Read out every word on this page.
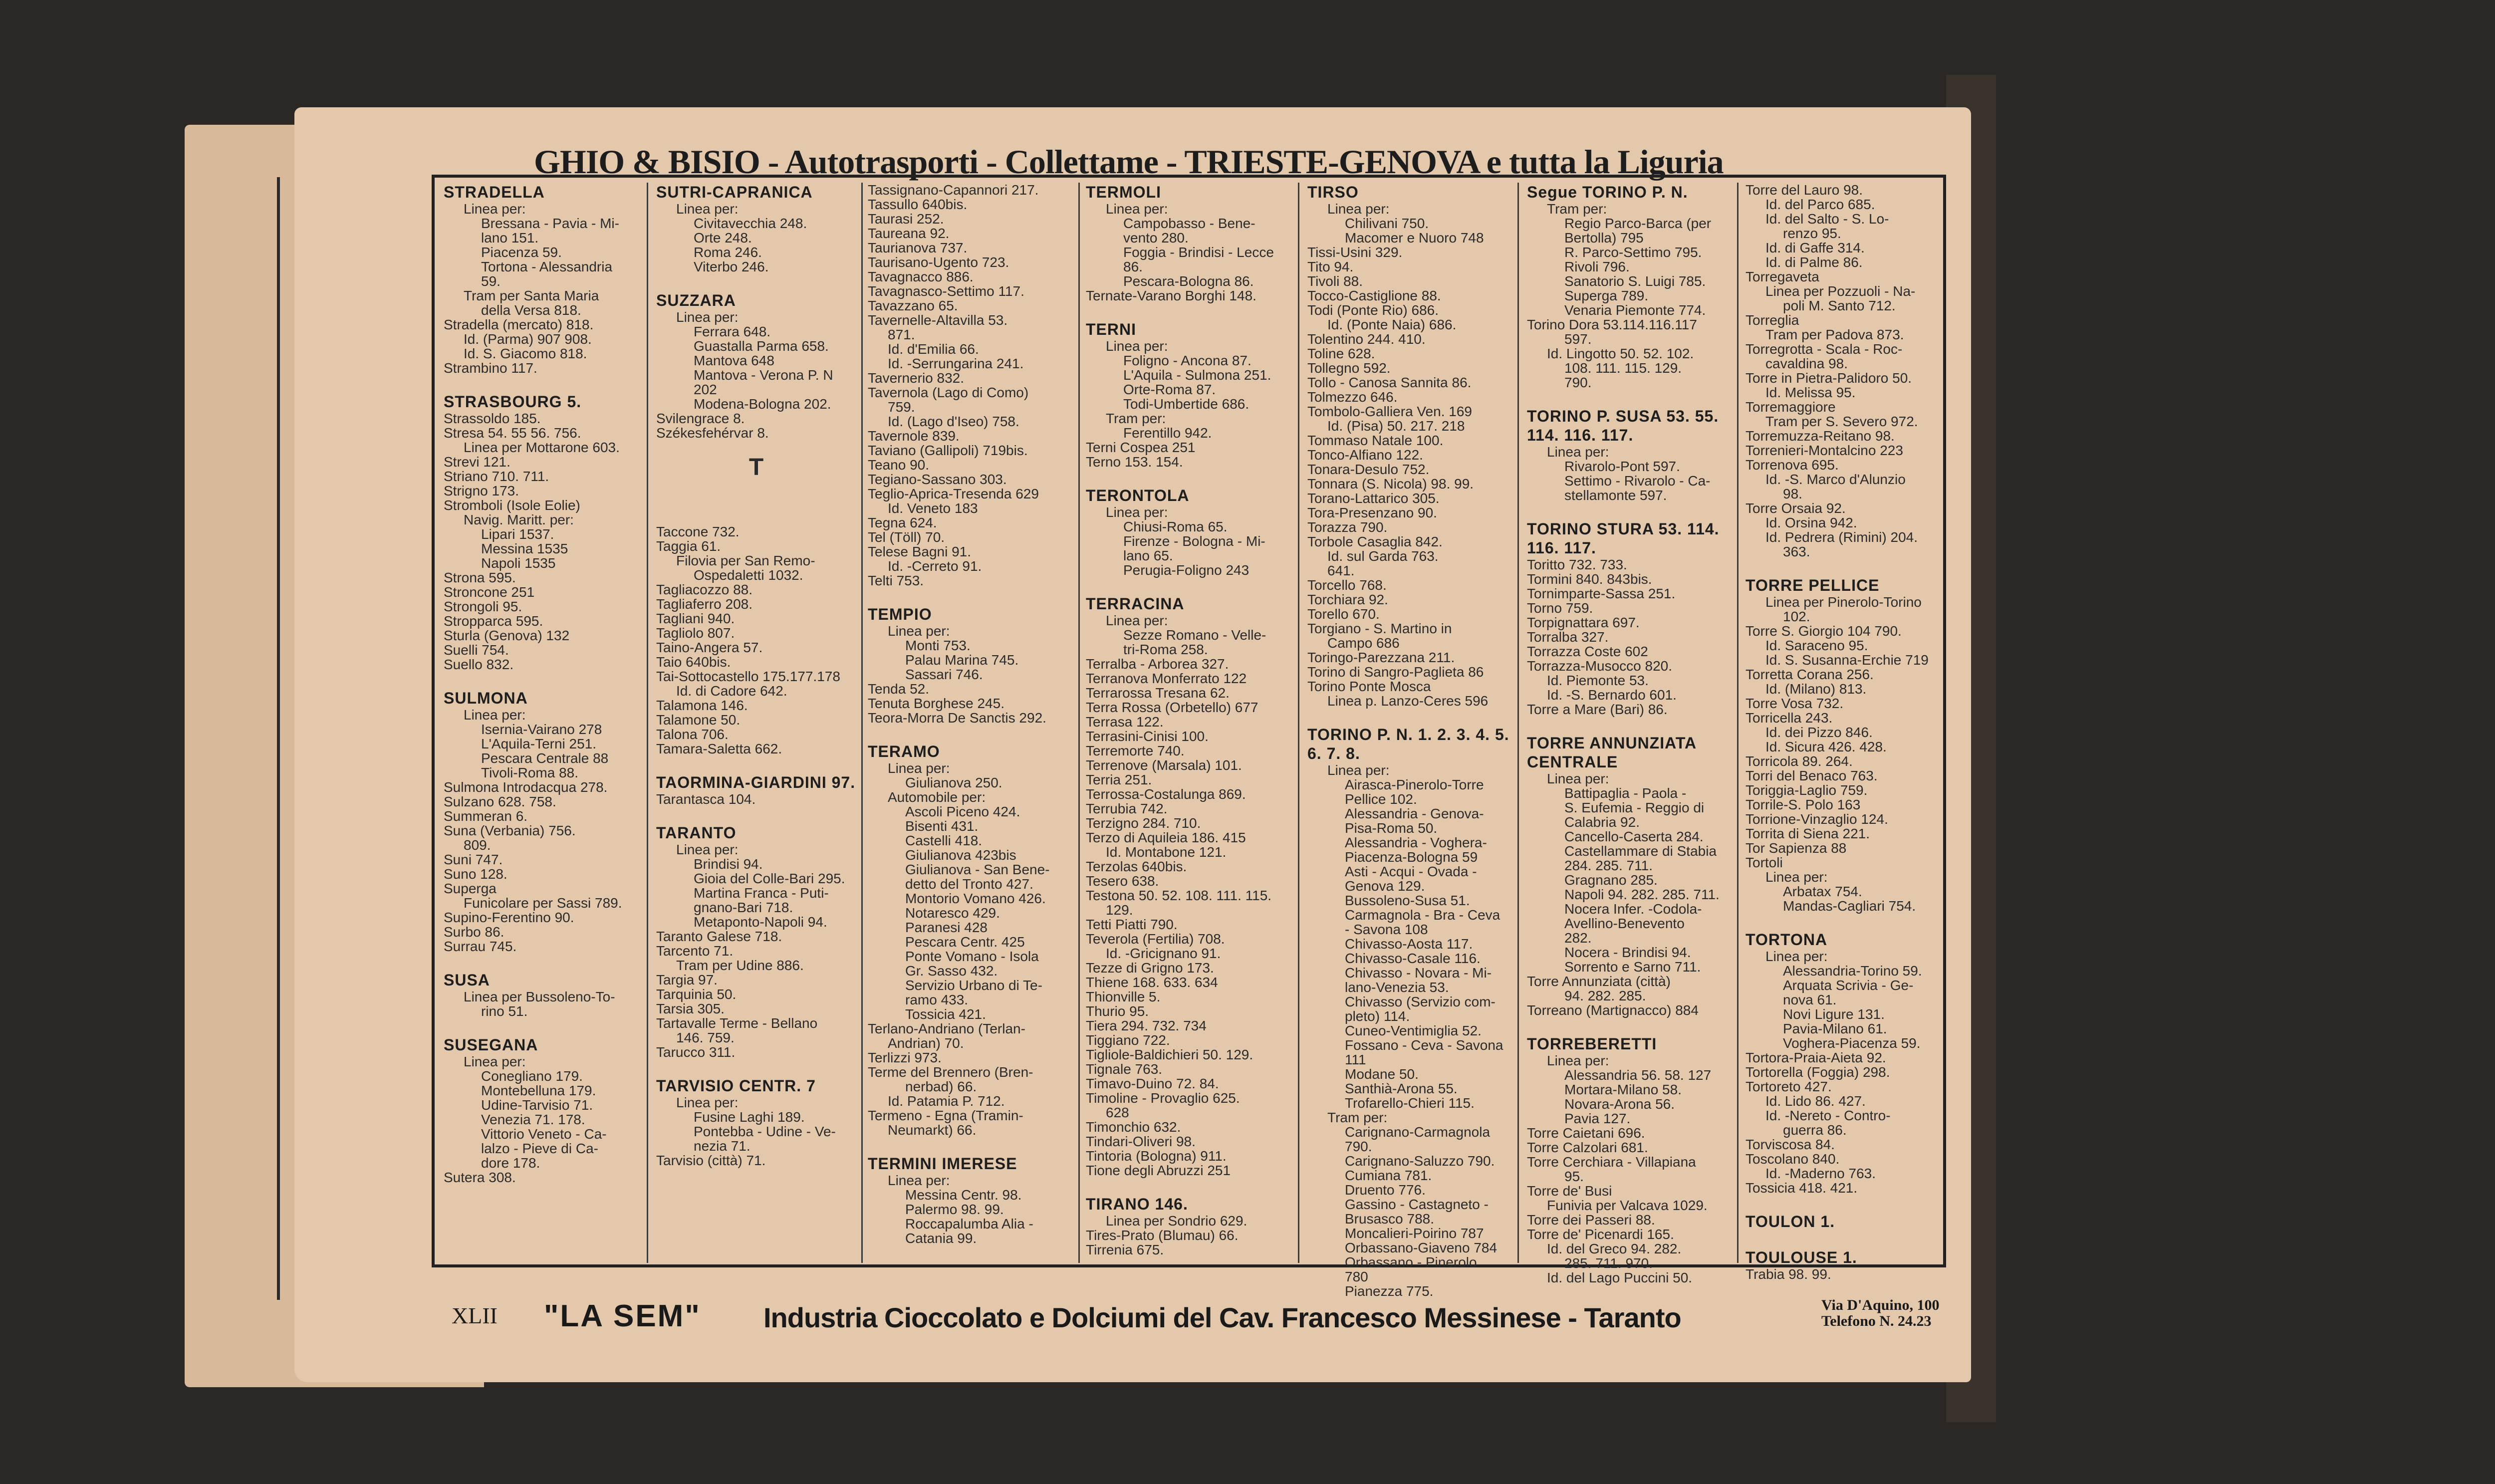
GHIO & BISIO - Autotrasporti - Collettame - TRIESTE-GENOVA e tutta la Liguria
STRADELLA
Linea per:
Bressana - Pavia - Mi-
lano 151.
Piacenza 59.
Tortona - Alessandria
59.
Tram per Santa Maria
della Versa 818.
Stradella (mercato) 818.
Id. (Parma) 907 908.
Id. S. Giacomo 818.
Strambino 117.
STRASBOURG 5.
Strassoldo 185.
Stresa 54. 55 56. 756.
Linea per Mottarone 603.
Strevi 121.
Striano 710. 711.
Strigno 173.
Stromboli (Isole Eolie)
Navig. Maritt. per:
Lipari 1537.
Messina 1535
Napoli 1535
Strona 595.
Stroncone 251
Strongoli 95.
Stropparca 595.
Sturla (Genova) 132
Suelli 754.
Suello 832.
SULMONA
Linea per:
Isernia-Vairano 278
L'Aquila-Terni 251.
Pescara Centrale 88
Tivoli-Roma 88.
Sulmona Introdacqua 278.
Sulzano 628. 758.
Summeran 6.
Suna (Verbania) 756.
809.
Suni 747.
Suno 128.
Superga
Funicolare per Sassi 789.
Supino-Ferentino 90.
Surbo 86.
Surrau 745.
SUSA
Linea per Bussoleno-To-
rino 51.
SUSEGANA
Linea per:
Conegliano 179.
Montebelluna 179.
Udine-Tarvisio 71.
Venezia 71. 178.
Vittorio Veneto - Ca-
lalzo - Pieve di Ca-
dore 178.
Sutera 308.
SUTRI-CAPRANICA
Linea per:
Civitavecchia 248.
Orte 248.
Roma 246.
Viterbo 246.
SUZZARA
Linea per:
Ferrara 648.
Guastalla Parma 658.
Mantova 648
Mantova - Verona P. N
202
Modena-Bologna 202.
Svilengrace 8.
Székesfehérvar 8.
T
Taccone 732.
Taggia 61.
Filovia per San Remo-
Ospedaletti 1032.
Tagliacozzo 88.
Tagliaferro 208.
Tagliani 940.
Tagliolo 807.
Taino-Angera 57.
Taio 640bis.
Tai-Sottocastello 175.177.178
Id. di Cadore 642.
Talamona 146.
Talamone 50.
Talona 706.
Tamara-Saletta 662.
TAORMINA-GIARDINI 97.
Tarantasca 104.
TARANTO
Linea per:
Brindisi 94.
Gioia del Colle-Bari 295.
Martina Franca - Puti-
gnano-Bari 718.
Metaponto-Napoli 94.
Taranto Galese 718.
Tarcento 71.
Tram per Udine 886.
Targia 97.
Tarquinia 50.
Tarsia 305.
Tartavalle Terme - Bellano
146. 759.
Tarucco 311.
TARVISIO CENTR. 7
Linea per:
Fusine Laghi 189.
Pontebba - Udine - Ve-
nezia 71.
Tarvisio (città) 71.
Tassignano-Capannori 217.
Tassullo 640bis.
Taurasi 252.
Taureana 92.
Taurianova 737.
Taurisano-Ugento 723.
Tavagnacco 886.
Tavagnasco-Settimo 117.
Tavazzano 65.
Tavernelle-Altavilla 53.
871.
Id. d'Emilia 66.
Id. -Serrungarina 241.
Tavernerio 832.
Tavernola (Lago di Como)
759.
Id. (Lago d'Iseo) 758.
Tavernole 839.
Taviano (Gallipoli) 719bis.
Teano 90.
Tegiano-Sassano 303.
Teglio-Aprica-Tresenda 629
Id. Veneto 183
Tegna 624.
Tel (Töll) 70.
Telese Bagni 91.
Id. -Cerreto 91.
Telti 753.
TEMPIO
Linea per:
Monti 753.
Palau Marina 745.
Sassari 746.
Tenda 52.
Tenuta Borghese 245.
Teora-Morra De Sanctis 292.
TERAMO
Linea per:
Giulianova 250.
Automobile per:
Ascoli Piceno 424.
Bisenti 431.
Castelli 418.
Giulianova 423bis
Giulianova - San Bene-
detto del Tronto 427.
Montorio Vomano 426.
Notaresco 429.
Paranesi 428
Pescara Centr. 425
Ponte Vomano - Isola
Gr. Sasso 432.
Servizio Urbano di Te-
ramo 433.
Tossicia 421.
Terlano-Andriano (Terlan-
Andrian) 70.
Terlizzi 973.
Terme del Brennero (Bren-
nerbad) 66.
Id. Patamia P. 712.
Termeno - Egna (Tramin-
Neumarkt) 66.
TERMINI IMERESE
Linea per:
Messina Centr. 98.
Palermo 98. 99.
Roccapalumba Alia -
Catania 99.
TERMOLI
Linea per:
Campobasso - Bene-
vento 280.
Foggia - Brindisi - Lecce
86.
Pescara-Bologna 86.
Ternate-Varano Borghi 148.
TERNI
Linea per:
Foligno - Ancona 87.
L'Aquila - Sulmona 251.
Orte-Roma 87.
Todi-Umbertide 686.
Tram per:
Ferentillo 942.
Terni Cospea 251
Terno 153. 154.
TERONTOLA
Linea per:
Chiusi-Roma 65.
Firenze - Bologna - Mi-
lano 65.
Perugia-Foligno 243
TERRACINA
Linea per:
Sezze Romano - Velle-
tri-Roma 258.
Terralba - Arborea 327.
Terranova Monferrato 122
Terrarossa Tresana 62.
Terra Rossa (Orbetello) 677
Terrasa 122.
Terrasini-Cinisi 100.
Terremorte 740.
Terrenove (Marsala) 101.
Terria 251.
Terrossa-Costalunga 869.
Terrubia 742.
Terzigno 284. 710.
Terzo di Aquileia 186. 415
Id. Montabone 121.
Terzolas 640bis.
Tesero 638.
Testona 50. 52. 108. 111. 115.
129.
Tetti Piatti 790.
Teverola (Fertilia) 708.
Id. -Gricignano 91.
Tezze di Grigno 173.
Thiene 168. 633. 634
Thionville 5.
Thurio 95.
Tiera 294. 732. 734
Tiggiano 722.
Tigliole-Baldichieri 50. 129.
Tignale 763.
Timavo-Duino 72. 84.
Timoline - Provaglio 625.
628
Timonchio 632.
Tindari-Oliveri 98.
Tintoria (Bologna) 911.
Tione degli Abruzzi 251
TIRANO 146.
Linea per Sondrio 629.
Tires-Prato (Blumau) 66.
Tirrenia 675.
TIRSO
Linea per:
Chilivani 750.
Macomer e Nuoro 748
Tissi-Usini 329.
Tito 94.
Tivoli 88.
Tocco-Castiglione 88.
Todi (Ponte Rio) 686.
Id. (Ponte Naia) 686.
Tolentino 244. 410.
Toline 628.
Tollegno 592.
Tollo - Canosa Sannita 86.
Tolmezzo 646.
Tombolo-Galliera Ven. 169
Id. (Pisa) 50. 217. 218
Tommaso Natale 100.
Tonco-Alfiano 122.
Tonara-Desulo 752.
Tonnara (S. Nicola) 98. 99.
Torano-Lattarico 305.
Tora-Presenzano 90.
Torazza 790.
Torbole Casaglia 842.
Id. sul Garda 763.
641.
Torcello 768.
Torchiara 92.
Torello 670.
Torgiano - S. Martino in
Campo 686
Toringo-Parezzana 211.
Torino di Sangro-Paglieta 86
Torino Ponte Mosca
Linea p. Lanzo-Ceres 596
TORINO P. N. 1. 2. 3. 4. 5. 6. 7. 8.
Linea per:
Airasca-Pinerolo-Torre
Pellice 102.
Alessandria - Genova-
Pisa-Roma 50.
Alessandria - Voghera-
Piacenza-Bologna 59
Asti - Acqui - Ovada -
Genova 129.
Bussoleno-Susa 51.
Carmagnola - Bra - Ceva
- Savona 108
Chivasso-Aosta 117.
Chivasso-Casale 116.
Chivasso - Novara - Mi-
lano-Venezia 53.
Chivasso (Servizio com-
pleto) 114.
Cuneo-Ventimiglia 52.
Fossano - Ceva - Savona
111
Modane 50.
Santhià-Arona 55.
Trofarello-Chieri 115.
Tram per:
Carignano-Carmagnola
790.
Carignano-Saluzzo 790.
Cumiana 781.
Druento 776.
Gassino - Castagneto -
Brusasco 788.
Moncalieri-Poirino 787
Orbassano-Giaveno 784
Orbassano - Pinerolo
780
Pianezza 775.
Segue TORINO P. N.
Tram per:
Regio Parco-Barca (per
Bertolla) 795
R. Parco-Settimo 795.
Rivoli 796.
Sanatorio S. Luigi 785.
Superga 789.
Venaria Piemonte 774.
Torino Dora 53.114.116.117
597.
Id. Lingotto 50. 52. 102.
108. 111. 115. 129.
790.
TORINO P. SUSA 53. 55. 114. 116. 117.
Linea per:
Rivarolo-Pont 597.
Settimo - Rivarolo - Ca-
stellamonte 597.
TORINO STURA 53. 114. 116. 117.
Toritto 732. 733.
Tormini 840. 843bis.
Tornimparte-Sassa 251.
Torno 759.
Torpignattara 697.
Torralba 327.
Torrazza Coste 602
Torrazza-Musocco 820.
Id. Piemonte 53.
Id. -S. Bernardo 601.
Torre a Mare (Bari) 86.
TORRE ANNUNZIATA CENTRALE
Linea per:
Battipaglia - Paola -
S. Eufemia - Reggio di
Calabria 92.
Cancello-Caserta 284.
Castellammare di Stabia
284. 285. 711.
Gragnano 285.
Napoli 94. 282. 285. 711.
Nocera Infer. -Codola-
Avellino-Benevento
282.
Nocera - Brindisi 94.
Sorrento e Sarno 711.
Torre Annunziata (città)
94. 282. 285.
Torreano (Martignacco) 884
TORREBERETTI
Linea per:
Alessandria 56. 58. 127
Mortara-Milano 58.
Novara-Arona 56.
Pavia 127.
Torre Caietani 696.
Torre Calzolari 681.
Torre Cerchiara - Villapiana
95.
Torre de' Busi
Funivia per Valcava 1029.
Torre dei Passeri 88.
Torre de' Picenardi 165.
Id. del Greco 94. 282.
285. 711. 970.
Id. del Lago Puccini 50.
Torre del Lauro 98.
Id. del Parco 685.
Id. del Salto - S. Lo-
renzo 95.
Id. di Gaffe 314.
Id. di Palme 86.
Torregaveta
Linea per Pozzuoli - Na-
poli M. Santo 712.
Torreglia
Tram per Padova 873.
Torregrotta - Scala - Roc-
cavaldina 98.
Torre in Pietra-Palidoro 50.
Id. Melissa 95.
Torremaggiore
Tram per S. Severo 972.
Torremuzza-Reitano 98.
Torrenieri-Montalcino 223
Torrenova 695.
Id. -S. Marco d'Alunzio
98.
Torre Orsaia 92.
Id. Orsina 942.
Id. Pedrera (Rimini) 204.
363.
TORRE PELLICE
Linea per Pinerolo-Torino
102.
Torre S. Giorgio 104 790.
Id. Saraceno 95.
Id. S. Susanna-Erchie 719
Torretta Corana 256.
Id. (Milano) 813.
Torre Vosa 732.
Torricella 243.
Id. dei Pizzo 846.
Id. Sicura 426. 428.
Torricola 89. 264.
Torri del Benaco 763.
Toriggia-Laglio 759.
Torrile-S. Polo 163
Torrione-Vinzaglio 124.
Torrita di Siena 221.
Tor Sapienza 88
Tortoli
Linea per:
Arbatax 754.
Mandas-Cagliari 754.
TORTONA
Linea per:
Alessandria-Torino 59.
Arquata Scrivia - Ge-
nova 61.
Novi Ligure 131.
Pavia-Milano 61.
Voghera-Piacenza 59.
Tortora-Praia-Aieta 92.
Tortorella (Foggia) 298.
Tortoreto 427.
Id. Lido 86. 427.
Id. -Nereto - Contro-
guerra 86.
Torviscosa 84.
Toscolano 840.
Id. -Maderno 763.
Tossicia 418. 421.
TOULON 1.
TOULOUSE 1.
Trabia 98. 99.
XLII "LA SEM" Industria Cioccolato e Dolciumi del Cav. Francesco Messinese - Taranto	Via D'Aquino, 100
Telefono N. 24.23
